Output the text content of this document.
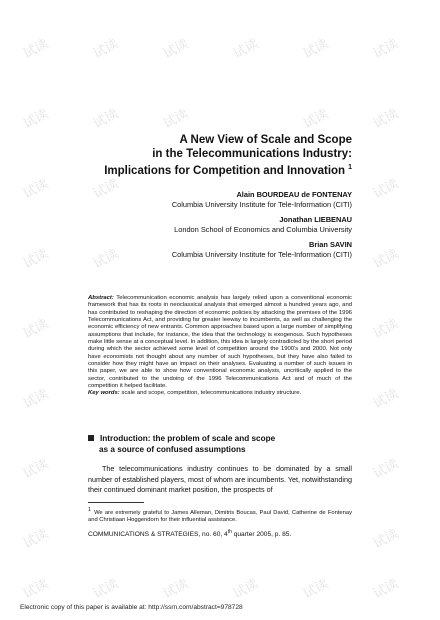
试读	试读	试读	试读	试读	试读
试读	试读	试读	试读	试读
试读	试读	试读
试读	试读	试读
试读	试读
试读	试读
试读	试读
试读	试读
试读	试读	试读	试读	试读	试读
A New View of Scale and Scope
in the Telecommunications Industry:
Implications for Competition and Innovation $^1$
Alain BOURDEAU de FONTENAY
Columbia University Institute for Tele-Information (CITI)
Jonathan LIEBENAU
London School of Economics and Columbia University
Brian SAVIN
Columbia University Institute for Tele-Information (CITI)
Abstract: Telecommunication economic analysis has largely relied upon a conventional economic framework that has its roots in neoclassical analysis that emerged almost a hundred years ago, and has contributed to reshaping the direction of economic policies by attacking the premises of the 1996 Telecommunications Act, and providing far greater leeway to incumbents, as well as challenging the economic efficiency of new entrants. Common approaches based upon a large number of simplifying assumptions that include, for instance, the idea that the technology is exogenous. Such hypotheses make little sense at a conceptual level. In addition, this idea is largely contradicted by the short period during which the sector achieved some level of competition around the 1900's and 2000. Not only have economists not thought about any number of such hypotheses, but they have also failed to consider how they might have an impact on their analyses. Evaluating a number of such issues in this paper, we are able to show how conventional economic analysis, uncritically applied to the sector, contributed to the undoing of the 1996 Telecommunications Act and of much of the competition it helped facilitate.
Key words: scale and scope, competition, telecommunications industry structure.
Introduction: the problem of scale and scope
as a source of confused assumptions
The telecommunications industry continues to be dominated by a small number of established players, most of whom are incumbents. Yet, notwithstanding their continued dominant market position, the prospects of
1 We are extremely grateful to James Alleman, Dimitris Boucas, Paul David, Catherine de Fontenay and Christiaan Hoggendorn for their influential assistance.
COMMUNICATIONS & STRATEGIES, no. 60, 4th quarter 2005, p. 85.
Electronic copy of this paper is available at: http://ssrn.com/abstract=978728
